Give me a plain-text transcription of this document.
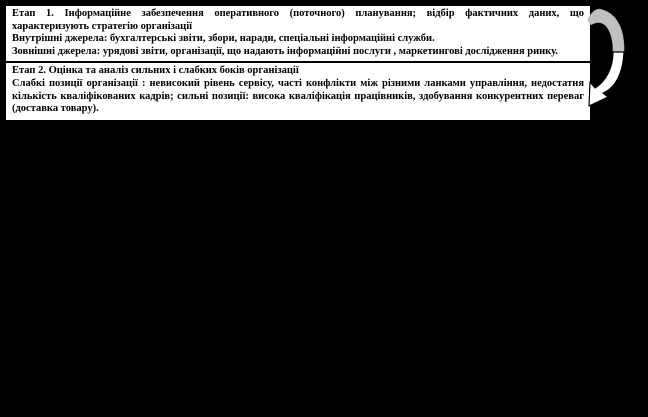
Етап 1. Інформаційне забезпечення оперативного (поточного) планування; відбір фактичних даних, що характеризують стратегію організації

Внутрішні джерела: бухгалтерські звіти, збори, наради, спеціальні інформаційні служби.

Зовнішні джерела: урядові звіти, організації, що надають інформаційні послуги , маркетингові дослідження ринку.

Етап 2. Оцінка та аналіз сильних і слабких боків організації

Слабкі позиції організації : невисокий рівень сервісу, часті конфлікти між різними ланками управління, недостатня кількість кваліфікованих кадрів; сильні позиції: висока кваліфікація працівників, здобування конкурентних переваг (доставка товару).
